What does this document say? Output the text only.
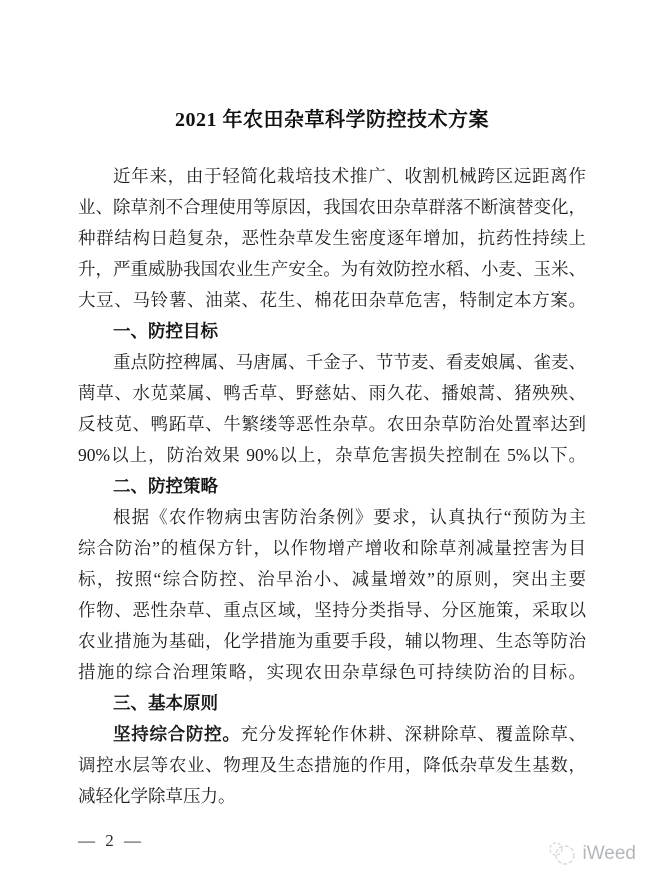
2021 年农田杂草科学防控技术方案
近年来，由于轻简化栽培技术推广、收割机械跨区远距离作
业、除草剂不合理使用等原因，我国农田杂草群落不断演替变化，
种群结构日趋复杂，恶性杂草发生密度逐年增加，抗药性持续上
升，严重威胁我国农业生产安全。为有效防控水稻、小麦、玉米、
大豆、马铃薯、油菜、花生、棉花田杂草危害，特制定本方案。
一、防控目标
重点防控稗属、马唐属、千金子、节节麦、看麦娘属、雀麦、
菵草、水苋菜属、鸭舌草、野慈姑、雨久花、播娘蒿、猪殃殃、
反枝苋、鸭跖草、牛繁缕等恶性杂草。农田杂草防治处置率达到
90%以上，防治效果 90%以上，杂草危害损失控制在 5%以下。
二、防控策略
根据《农作物病虫害防治条例》要求，认真执行“预防为主
综合防治”的植保方针，以作物增产增收和除草剂减量控害为目
标，按照“综合防控、治早治小、减量增效”的原则，突出主要
作物、恶性杂草、重点区域，坚持分类指导、分区施策，采取以
农业措施为基础，化学措施为重要手段，辅以物理、生态等防治
措施的综合治理策略，实现农田杂草绿色可持续防治的目标。
三、基本原则
坚持综合防控。充分发挥轮作休耕、深耕除草、覆盖除草、
调控水层等农业、物理及生态措施的作用，降低杂草发生基数，
减轻化学除草压力。
— 2 —
iWeed
